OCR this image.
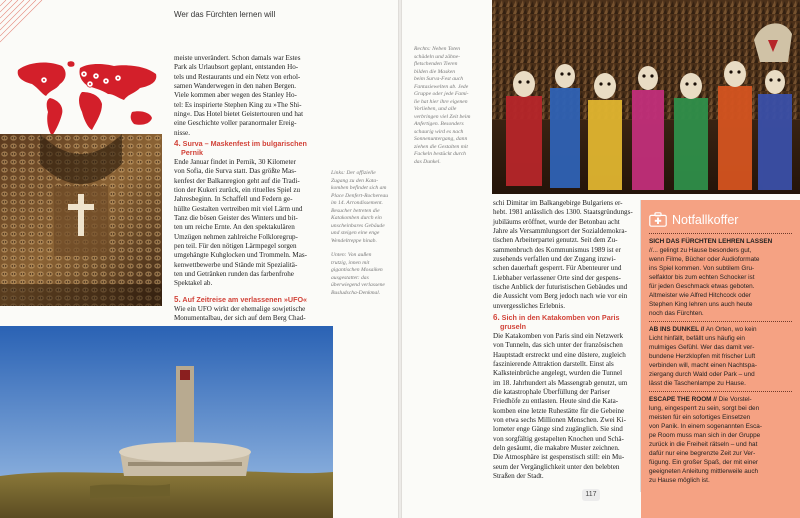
Wer das Fürchten lernen will

meiste unverändert. Schon damals war Estes

Park als Urlaubsort geplant, entstanden Ho-

tels und Restaurants und ein Netz von erhol-

samen Wanderwegen in den nahen Bergen.

Viele kommen aber wegen des Stanley Ho-

tel: Es inspirierte Stephen King zu »The Shi-

ning«. Das Hotel bietet Geistertouren und hat

eine Geschichte voller paranormaler Ereig-

nisse.

4. Surva – Maskenfest im bulgarischen
Pernik

Ende Januar findet in Pernik, 30 Kilometer

von Sofia, die Surva statt. Das größte Mas-

kenfest der Balkanregion geht auf die Tradi-

tion der Kukeri zurück, ein rituelles Spiel zu

Jahresbeginn. In Schaffell und Federn ge-

hüllte Gestalten vertreiben mit viel Lärm und

Tanz die bösen Geister des Winters und bit-

ten um reiche Ernte. An den spektakulären

Umzügen nehmen zahlreiche Folkloregrup-

pen teil. Für den nötigen Lärmpegel sorgen

umgehängte Kuhglocken und Trommeln. Mas-

kenwettbewerbe und Stände mit Spezialitä-

ten und Getränken runden das farbenfrohe

Spektakel ab.

5. Auf Zeitreise am verlassenen »UFO«

Wie ein UFO wirkt der ehemalige sowjetische

Monumentalbau, der sich auf dem Berg Chad-

Links: Der offizielle
Zugang zu den Kata-
komben befindet sich am
Place Denfert-Rochereau
im 14. Arrondissement.
Besucher betreten die
Katakomben durch ein
unscheinbares Gebäude
und steigen eine enge
Wendeltreppe hinab.

Unten: Von außen
trutzig, innen mit
gigantischen Mosaiken
ausgestattet: das
überwiegend verlassene
Busludscha-Denkmal.

Rechts: Neben Toten
schädeln und zähne-
fletschenden Tieren
bilden die Masken
beim Surva-Fest auch
Fantasiewelten ab. Jede
Gruppe oder jede Fami-
lie hat hier ihre eigenen
Vorlieben, und alle
verbringen viel Zeit beim
Anfertigen. Besonders
schaurig wird es nach
Sonnenuntergang, dann
ziehen die Gestalten mit
Fackeln bestückt durch
das Dunkel.

schi Dimitar im Balkangebirge Bulgariens er-

hebt. 1981 anlässlich des 1300. Staatsgründungs-

jubiläums eröffnet, wurde der Betonbau acht

Jahre als Versammlungsort der Sozialdemokra-

tischen Arbeiterpartei genutzt. Seit dem Zu-

sammenbruch des Kommunismus 1989 ist er

zusehends verfallen und der Zugang inzwi-

schen dauerhaft gesperrt. Für Abenteurer und

Liebhaber verlassener Orte sind der gespens-

tische Anblick der futuristischen Gebäudes und

die Aussicht vom Berg jedoch nach wie vor ein

unvergessliches Erlebnis.

6. Sich in den Katakomben von Paris
gruseln

Die Katakomben von Paris sind ein Netzwerk

von Tunneln, das sich unter der französischen

Hauptstadt erstreckt und eine düstere, zugleich

faszinierende Attraktion darstellt. Einst als

Kalksteinbrüche angelegt, wurden die Tunnel

im 18. Jahrhundert als Massengrab genutzt, um

die katastrophale Überfüllung der Pariser

Friedhöfe zu entlasten. Heute sind die Kata-

komben eine letzte Ruhestätte für die Gebeine

von etwa sechs Millionen Menschen. Zwei Ki-

lometer enge Gänge sind zugänglich. Sie sind

von sorgfältig gestapelten Knochen und Schä-

deln gesäumt, die makabre Muster zeichnen.

Die Atmosphäre ist gespenstisch still: ein Mu-

seum der Vergänglichkeit unter den belebten

Straßen der Stadt.

117
Notfallkoffer
SICH DAS FÜRCHTEN LEHREN LASSEN
//... gelingt zu Hause besonders gut,
wenn Filme, Bücher oder Audioformate
ins Spiel kommen. Von subtilem Gru-
selfaktor bis zum echten Schocker ist
für jeden Geschmack etwas geboten.
Altmeister wie Alfred Hitchcock oder
Stephen King lehren uns auch heute
noch das Fürchten.
AB INS DUNKEL // An Orten, wo kein
Licht hinfällt, befällt uns häufig ein
mulmiges Gefühl. Wer das damit ver-
bundene Herzklopfen mit frischer Luft
verbinden will, macht einen Nachtspa-
ziergang durch Wald oder Park – und
lässt die Taschenlampe zu Hause.
ESCAPE THE ROOM // Die Vorstel-
lung, eingesperrt zu sein, sorgt bei den
meisten für ein sofortiges Einsetzen
von Panik. In einem sogenannten Esca-
pe Room muss man sich in der Gruppe
zurück in die Freiheit rätseln – und hat
dafür nur eine begrenzte Zeit zur Ver-
fügung. Ein großer Spaß, der mit einer
geeigneten Anleitung mittlerweile auch
zu Hause möglich ist.
